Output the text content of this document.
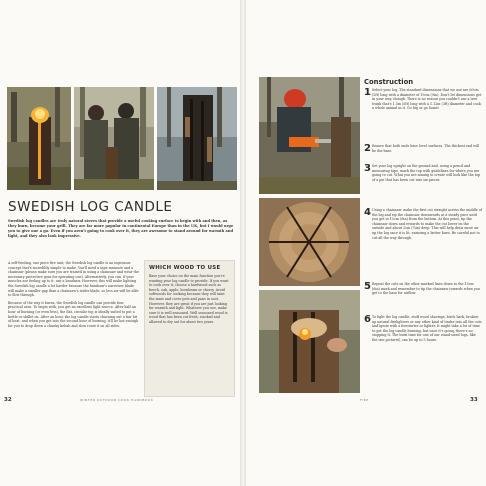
SWEDISH LOG CANDLE

Swedish log candles are truly natural stoves that provide a useful cooking surface to begin with and then, as they burn, become your grill. They are far more popular in continental Europe than in the UK, but I would urge you to give one a go. Even if you aren't going to cook over it, they are awesome to stand around for warmth and light, and they also look impressive.

A self-feeding, one piece fire unit, the Swedish log candle is an ingenious concept that's incredibly simple to make. You'll need a tape measure and a chainsaw (please make sure you are trained in using a chainsaw and wear the necessary protective gear for operating one). Alternatively, you can, if your muscles are feeling up to it, use a bandsaw. However, this will make lighting the Swedish log candle a lot harder because the bandsaw's narrower blade will make a smaller gap than a chainsaw's wider blade, so less air will be able to flow through.

Because of the way it burns, the Swedish log candle can provide four practical uses. To begin with, you get an excellent light source. After half an hour of burning (or even less), the flat, circular top is ideally suited to put a kettle or skillet on. After an hour, the log candle starts churning out a fair bit of heat, and when you get into the second hour of burning, it'll be hot enough for you to drop down a chunky kebab and slow roast it on all sides.

WHICH WOOD TO USE

Base your choice on the main function you're wanting your log candle to provide. If you want to cook over it, choose a hardwood such as beech, oak, apple, hornbeam or cherry. Avoid softwoods for cooking because they will taint the meat and cover pots and pans in soot. However, they are great if you are just looking for warmth and light. Whatever you use, make sure it is well seasoned. Well seasoned wood is wood that has been cut fresh, stacked and allowed to dry out for about two years.

32	WINTER OUTDOOR COOK HANDBOOK
Construction
1 Select your log. The standard dimensions that we use are 60cm (2ft) long with a diameter of 19cm (9in). Don't let dimensions get in your way, though. There is no reason you couldn't use a tree trunk that's 1.5m (5ft) long with a 1.12m (3ft) diameter and cook a whole animal in it. Go big or go home!

2 Ensure that both ends have level surfaces. The thickest end will be the base.

3 Set your log upright on the ground and, using a pencil and measuring tape, mark the top with guidelines for where you are going to cut. What you are aiming to create will look like the top of a pie that has been cut into six pieces.

4 Using a chainsaw, make the first cut straight across the middle of the log and rip the chainsaw downwards at a steady pace until you get to 15cm (6in) from the bottom. At this point, tip the chainsaw down and rewards to make the cut lower on the outside and about 2cm (¾in) deep. This will help draw more air up the log once it is lit, ensuring a better burn. Be careful not to cut all the way through.

5 Repeat the cuts on the other marked lines down to the 15cm (6in) mark and remember to tip the chainsaw towards when you get to the base for airflow.

6 To light the log candle, stuff wood shavings, birch bark, broken-up natural firelighters or any other kind of tinder into all the cuts and ignite with a firestarter or lighter. It might take a lot of time to get the log candle burning, but once it's going, there's no stopping it. The burn time for one of our stand-sized logs, like the one pictured, can be up to 5 hours.

FIRE	33
